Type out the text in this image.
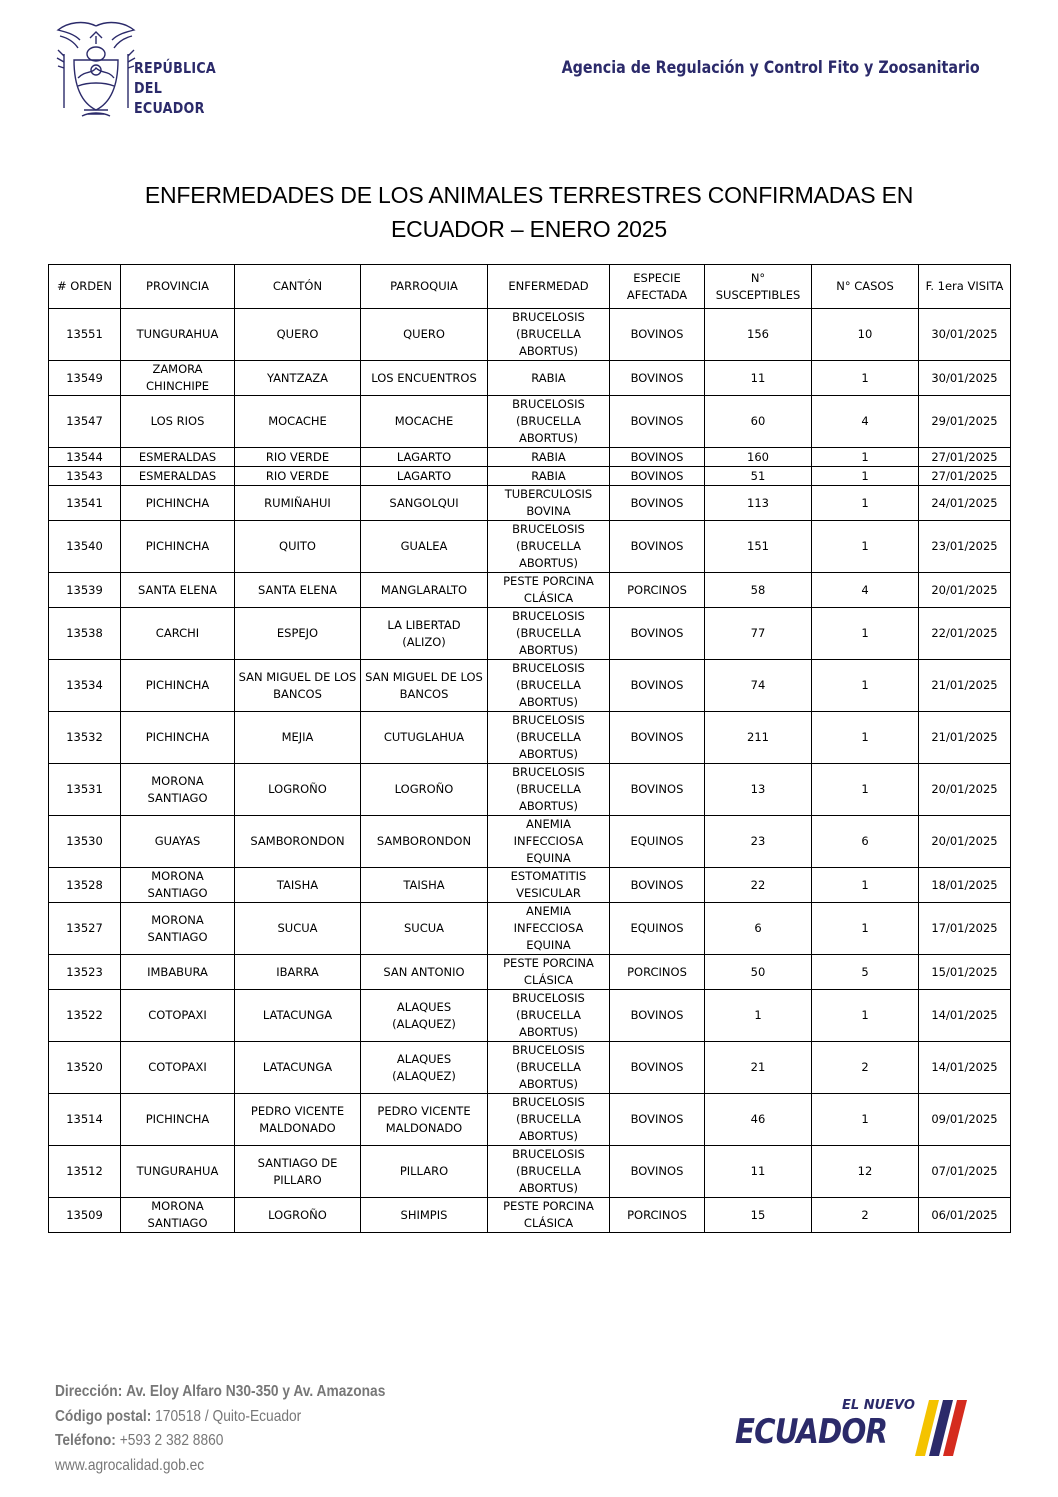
REPÚBLICA
DEL ECUADOR
Agencia de Regulación y Control Fito y Zoosanitario
ENFERMEDADES DE LOS ANIMALES TERRESTRES CONFIRMADAS EN
ECUADOR – ENERO 2025
# ORDEN	PROVINCIA	CANTÓN	PARROQUIA	ENFERMEDAD	ESPECIE AFECTADA	N° SUSCEPTIBLES	N° CASOS	F. 1era VISITA
13551	TUNGURAHUA	QUERO	QUERO	BRUCELOSIS (BRUCELLA ABORTUS)	BOVINOS	156	10	30/01/2025
13549	ZAMORA CHINCHIPE	YANTZAZA	LOS ENCUENTROS	RABIA	BOVINOS	11	1	30/01/2025
13547	LOS RIOS	MOCACHE	MOCACHE	BRUCELOSIS (BRUCELLA ABORTUS)	BOVINOS	60	4	29/01/2025
13544	ESMERALDAS	RIO VERDE	LAGARTO	RABIA	BOVINOS	160	1	27/01/2025
13543	ESMERALDAS	RIO VERDE	LAGARTO	RABIA	BOVINOS	51	1	27/01/2025
13541	PICHINCHA	RUMIÑAHUI	SANGOLQUI	TUBERCULOSIS BOVINA	BOVINOS	113	1	24/01/2025
13540	PICHINCHA	QUITO	GUALEA	BRUCELOSIS (BRUCELLA ABORTUS)	BOVINOS	151	1	23/01/2025
13539	SANTA ELENA	SANTA ELENA	MANGLARALTO	PESTE PORCINA CLÁSICA	PORCINOS	58	4	20/01/2025
13538	CARCHI	ESPEJO	LA LIBERTAD (ALIZO)	BRUCELOSIS (BRUCELLA ABORTUS)	BOVINOS	77	1	22/01/2025
13534	PICHINCHA	SAN MIGUEL DE LOS BANCOS	SAN MIGUEL DE LOS BANCOS	BRUCELOSIS (BRUCELLA ABORTUS)	BOVINOS	74	1	21/01/2025
13532	PICHINCHA	MEJIA	CUTUGLAHUA	BRUCELOSIS (BRUCELLA ABORTUS)	BOVINOS	211	1	21/01/2025
13531	MORONA SANTIAGO	LOGROÑO	LOGROÑO	BRUCELOSIS (BRUCELLA ABORTUS)	BOVINOS	13	1	20/01/2025
13530	GUAYAS	SAMBORONDON	SAMBORONDON	ANEMIA INFECCIOSA EQUINA	EQUINOS	23	6	20/01/2025
13528	MORONA SANTIAGO	TAISHA	TAISHA	ESTOMATITIS VESICULAR	BOVINOS	22	1	18/01/2025
13527	MORONA SANTIAGO	SUCUA	SUCUA	ANEMIA INFECCIOSA EQUINA	EQUINOS	6	1	17/01/2025
13523	IMBABURA	IBARRA	SAN ANTONIO	PESTE PORCINA CLÁSICA	PORCINOS	50	5	15/01/2025
13522	COTOPAXI	LATACUNGA	ALAQUES (ALAQUEZ)	BRUCELOSIS (BRUCELLA ABORTUS)	BOVINOS	1	1	14/01/2025
13520	COTOPAXI	LATACUNGA	ALAQUES (ALAQUEZ)	BRUCELOSIS (BRUCELLA ABORTUS)	BOVINOS	21	2	14/01/2025
13514	PICHINCHA	PEDRO VICENTE MALDONADO	PEDRO VICENTE MALDONADO	BRUCELOSIS (BRUCELLA ABORTUS)	BOVINOS	46	1	09/01/2025
13512	TUNGURAHUA	SANTIAGO DE PILLARO	PILLARO	BRUCELOSIS (BRUCELLA ABORTUS)	BOVINOS	11	12	07/01/2025
13509	MORONA SANTIAGO	LOGROÑO	SHIMPIS	PESTE PORCINA CLÁSICA	PORCINOS	15	2	06/01/2025
Dirección: Av. Eloy Alfaro N30-350 y Av. Amazonas
Código postal: 170518 / Quito-Ecuador
Teléfono: +593 2 382 8860
www.agrocalidad.gob.ec
EL NUEVO
ECUADOR
